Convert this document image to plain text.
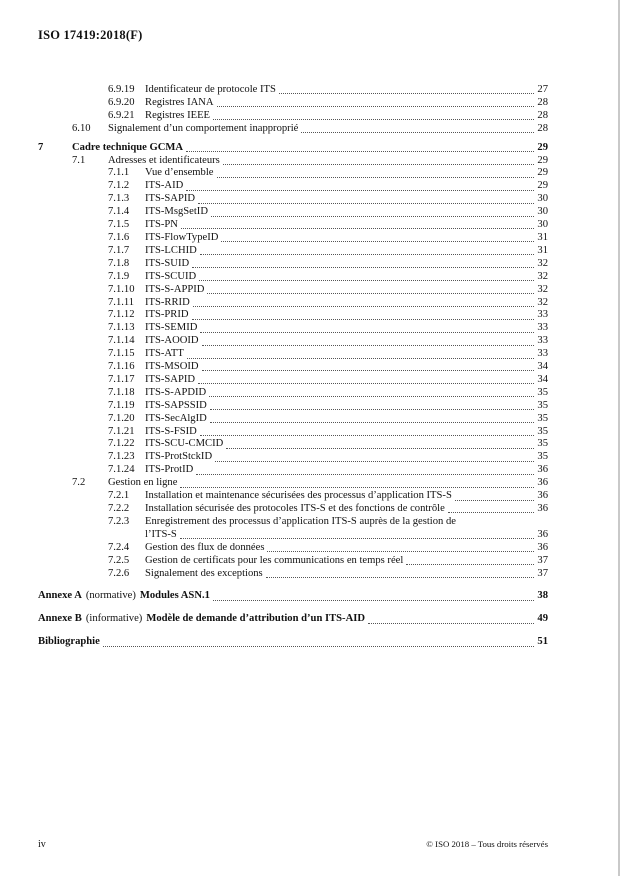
ISO 17419:2018(F)
6.9.19 Identificateur de protocole ITS	27
6.9.20 Registres IANA	28
6.9.21 Registres IEEE	28
6.10	Signalement d’un comportement inapproprié	28
7	Cadre technique GCMA	29
7.1	Adresses et identificateurs	29
7.1.1	Vue d’ensemble	29
7.1.2	ITS-AID	29
7.1.3	ITS-SAPID	30
7.1.4	ITS-MsgSetID	30
7.1.5	ITS-PN	30
7.1.6	ITS-FlowTypeID	31
7.1.7	ITS-LCHID	31
7.1.8	ITS-SUID	32
7.1.9	ITS-SCUID	32
7.1.10 ITS-S-APPID	32
7.1.11	ITS-RRID	32
7.1.12 ITS-PRID	33
7.1.13 ITS-SEMID	33
7.1.14 ITS-AOOID	33
7.1.15 ITS-ATT	33
7.1.16 ITS-MSOID	34
7.1.17 ITS-SAPID	34
7.1.18 ITS-S-APDID	35
7.1.19 ITS-SAPSSID	35
7.1.20 ITS-SecAlgID	35
7.1.21 ITS-S-FSID	35
7.1.22 ITS-SCU-CMCID	35
7.1.23 ITS-ProtStckID	35
7.1.24 ITS-ProtID	36
7.2	Gestion en ligne	36
7.2.1	Installation et maintenance sécurisées des processus d’application ITS-S	36
7.2.2	Installation sécurisée des protocoles ITS-S et des fonctions de contrôle	36
7.2.3	Enregistrement des processus d’application ITS-S auprès de la gestion de
l’ITS-S	36
7.2.4	Gestion des flux de données	36
7.2.5	Gestion de certificats pour les communications en temps réel	37
7.2.6	Signalement des exceptions	37
Annexe A (normative) Modules ASN.1	38
Annexe B (informative) Modèle de demande d’attribution d’un ITS-AID	49
Bibliographie	51
iv	© ISO 2018 – Tous droits réservés
